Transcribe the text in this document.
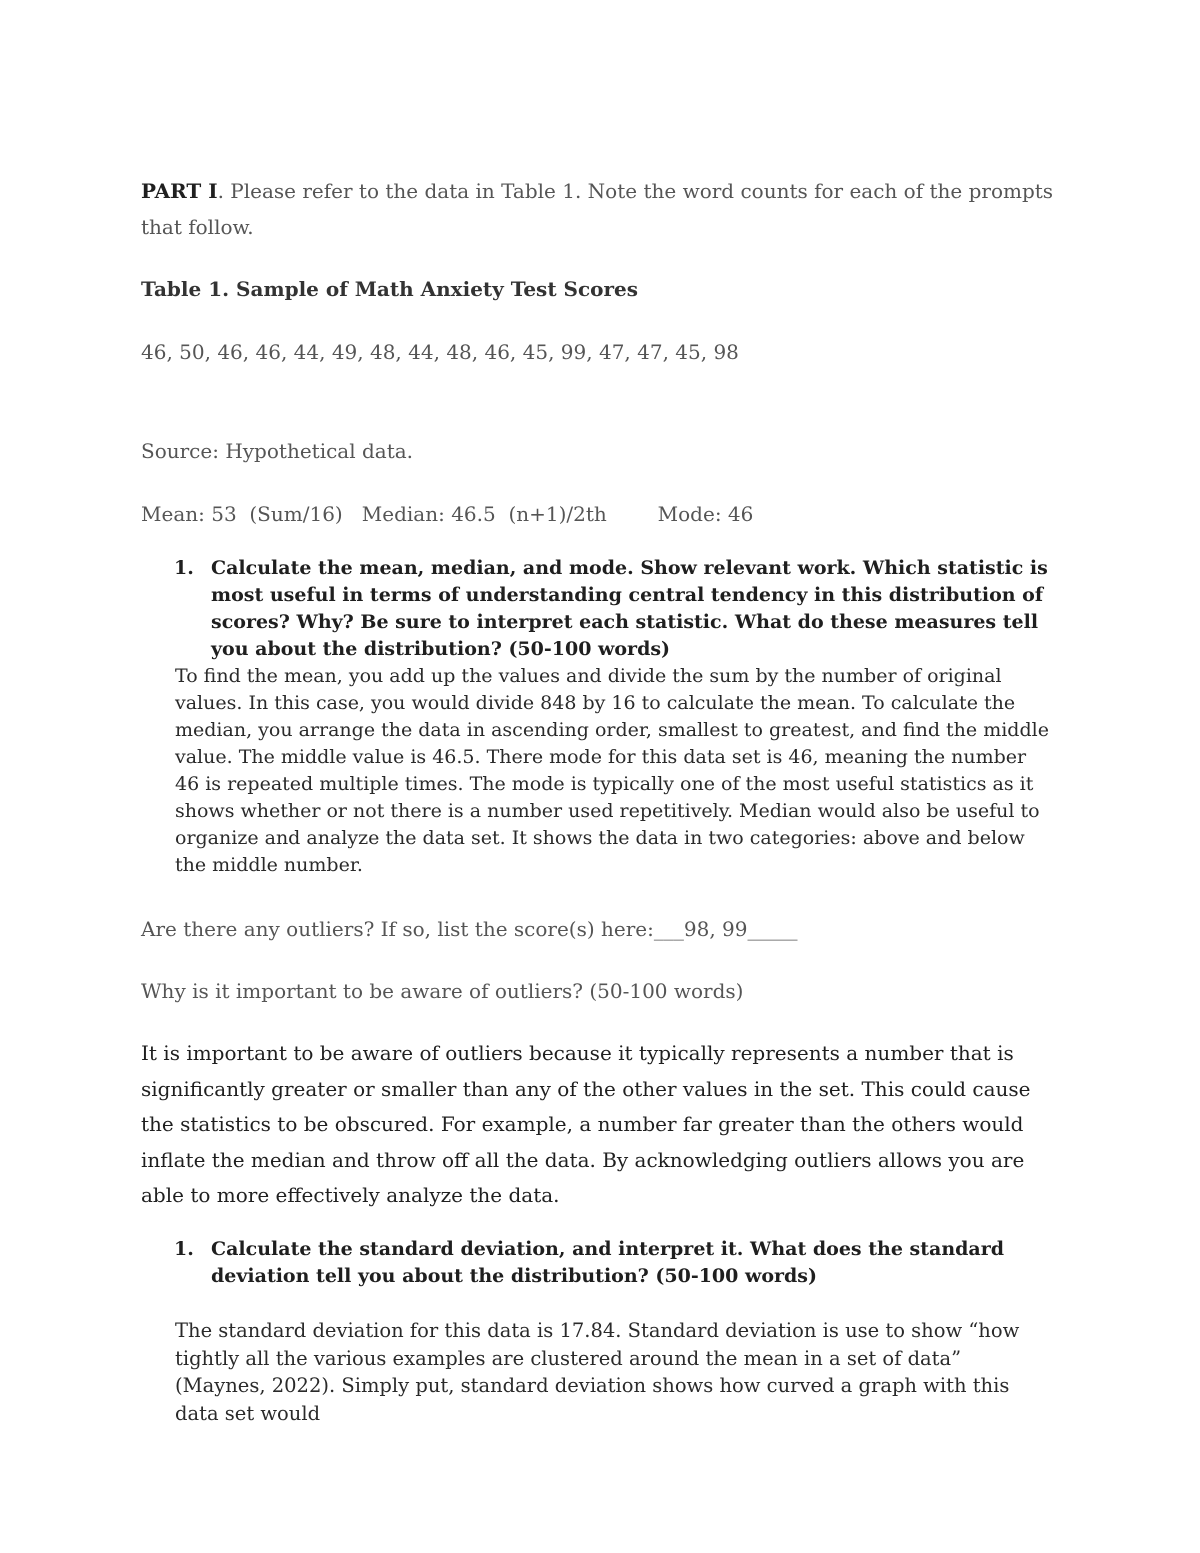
PART I. Please refer to the data in Table 1. Note the word counts for each of the prompts that follow.

Table 1. Sample of Math Anxiety Test Scores

46, 50, 46, 46, 44, 49, 48, 44, 48, 46, 45, 99, 47, 47, 45, 98

Source: Hypothetical data.

Mean: 53  (Sum/16)   Median: 46.5  (n+1)/2th        Mode: 46

1. Calculate the mean, median, and mode. Show relevant work. Which statistic is most useful in terms of understanding central tendency in this distribution of scores? Why? Be sure to interpret each statistic. What do these measures tell you about the distribution? (50-100 words)
To find the mean, you add up the values and divide the sum by the number of original values. In this case, you would divide 848 by 16 to calculate the mean. To calculate the median, you arrange the data in ascending order, smallest to greatest, and find the middle value. The middle value is 46.5. There mode for this data set is 46, meaning the number 46 is repeated multiple times. The mode is typically one of the most useful statistics as it shows whether or not there is a number used repetitively. Median would also be useful to organize and analyze the data set. It shows the data in two categories: above and below the middle number.

Are there any outliers? If so, list the score(s) here:___98, 99_____

Why is it important to be aware of outliers? (50-100 words)

It is important to be aware of outliers because it typically represents a number that is significantly greater or smaller than any of the other values in the set. This could cause the statistics to be obscured. For example, a number far greater than the others would inflate the median and throw off all the data. By acknowledging outliers allows you are able to more effectively analyze the data.

1. Calculate the standard deviation, and interpret it. What does the standard deviation tell you about the distribution? (50-100 words)
The standard deviation for this data is 17.84. Standard deviation is use to show “how tightly all the various examples are clustered around the mean in a set of data” (Maynes, 2022). Simply put, standard deviation shows how curved a graph with this data set would
